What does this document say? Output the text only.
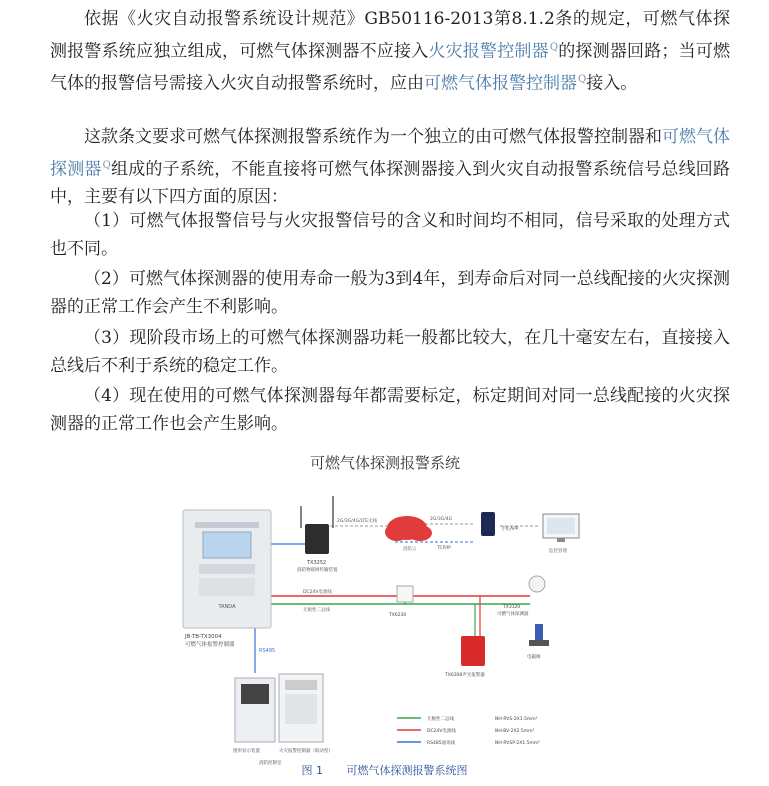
依据《火灾自动报警系统设计规范》GB50116-2013第8.1.2条的规定，可燃气体探测报警系统应独立组成，可燃气体探测器不应接入火灾报警控制器$^Q$的探测器回路；当可燃气体的报警信号需接入火灾自动报警系统时，应由可燃气体报警控制器$^Q$接入。

这款条文要求可燃气体探测报警系统作为一个独立的由可燃气体报警控制器和可燃气体探测器$^Q$组成的子系统，不能直接将可燃气体探测器接入到火灾自动报警系统信号总线回路中，主要有以下四方面的原因：

（1）可燃气体报警信号与火灾报警信号的含义和时间均不相同，信号采取的处理方式也不同。

（2）可燃气体探测器的使用寿命一般为3到4年，到寿命后对同一总线配接的火灾探测器的正常工作会产生不利影响。

（3）现阶段市场上的可燃气体探测器功耗一般都比较大，在几十毫安左右，直接接入总线后不利于系统的稳定工作。

（4）现在使用的可燃气体探测器每年都需要标定，标定期间对同一总线配接的火灾探测器的正常工作也会产生影响。

可燃气体探测报警系统
TANDA
JB-TB-TX3004
可燃气体报警控制器
RS485
TX3252
消防物联网传输装置
2G/3G/4G/LTE无线
消防云
2G/3G/4G
TCP/IP
手机APP
监控管理
DC24V电源线
无极性二总线
TX6230
TX3120
可燃气体探测器
电磁阀
TX6308声光报警器
图形显示装置	火灾报警控制器（联动型）
消防控制室
无极性二总线
DC24V电源线
RS485通讯线
NH-RVS-2X1.5mm²
NH-BV-2X2.5mm²
NH-RVSP-2X1.5mm²
图 1 可燃气体探测报警系统图
